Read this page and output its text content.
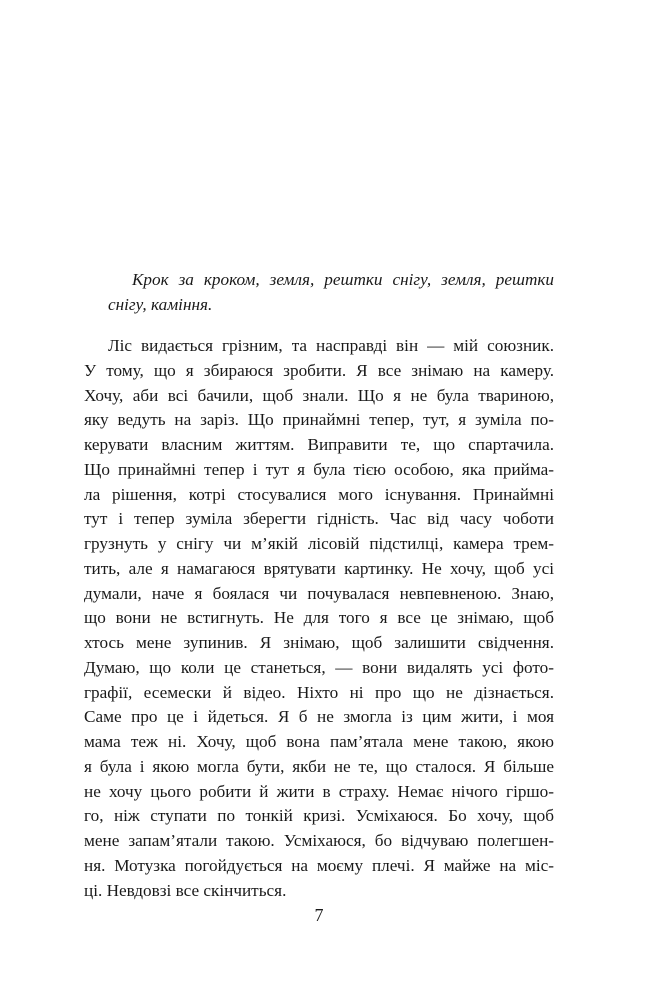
Крок за кроком, земля, рештки снігу, земля, рештки
снігу, каміння.
Ліс видається грізним, та насправді він — мій союзник.
У тому, що я збираюся зробити. Я все знімаю на камеру.
Хочу, аби всі бачили, щоб знали. Що я не була твариною,
яку ведуть на заріз. Що принаймні тепер, тут, я зуміла по-
керувати власним життям. Виправити те, що спартачила.
Що принаймні тепер і тут я була тією особою, яка прийма-
ла рішення, котрі стосувалися мого існування. Принаймні
тут і тепер зуміла зберегти гідність. Час від часу чоботи
грузнуть у снігу чи м’якій лісовій підстилці, камера трем-
тить, але я намагаюся врятувати картинку. Не хочу, щоб усі
думали, наче я боялася чи почувалася невпевненою. Знаю,
що вони не встигнуть. Не для того я все це знімаю, щоб
хтось мене зупинив. Я знімаю, щоб залишити свідчення.
Думаю, що коли це станеться, — вони видалять усі фото-
графії, есемески й відео. Ніхто ні про що не дізнається.
Саме про це і йдеться. Я б не змогла із цим жити, і моя
мама теж ні. Хочу, щоб вона пам’ятала мене такою, якою
я була і якою могла бути, якби не те, що сталося. Я більше
не хочу цього робити й жити в страху. Немає нічого гіршо-
го, ніж ступати по тонкій кризі. Усміхаюся. Бо хочу, щоб
мене запам’ятали такою. Усміхаюся, бо відчуваю полегшен-
ня. Мотузка погойдується на моєму плечі. Я майже на міс-
ці. Невдовзі все скінчиться.
7
